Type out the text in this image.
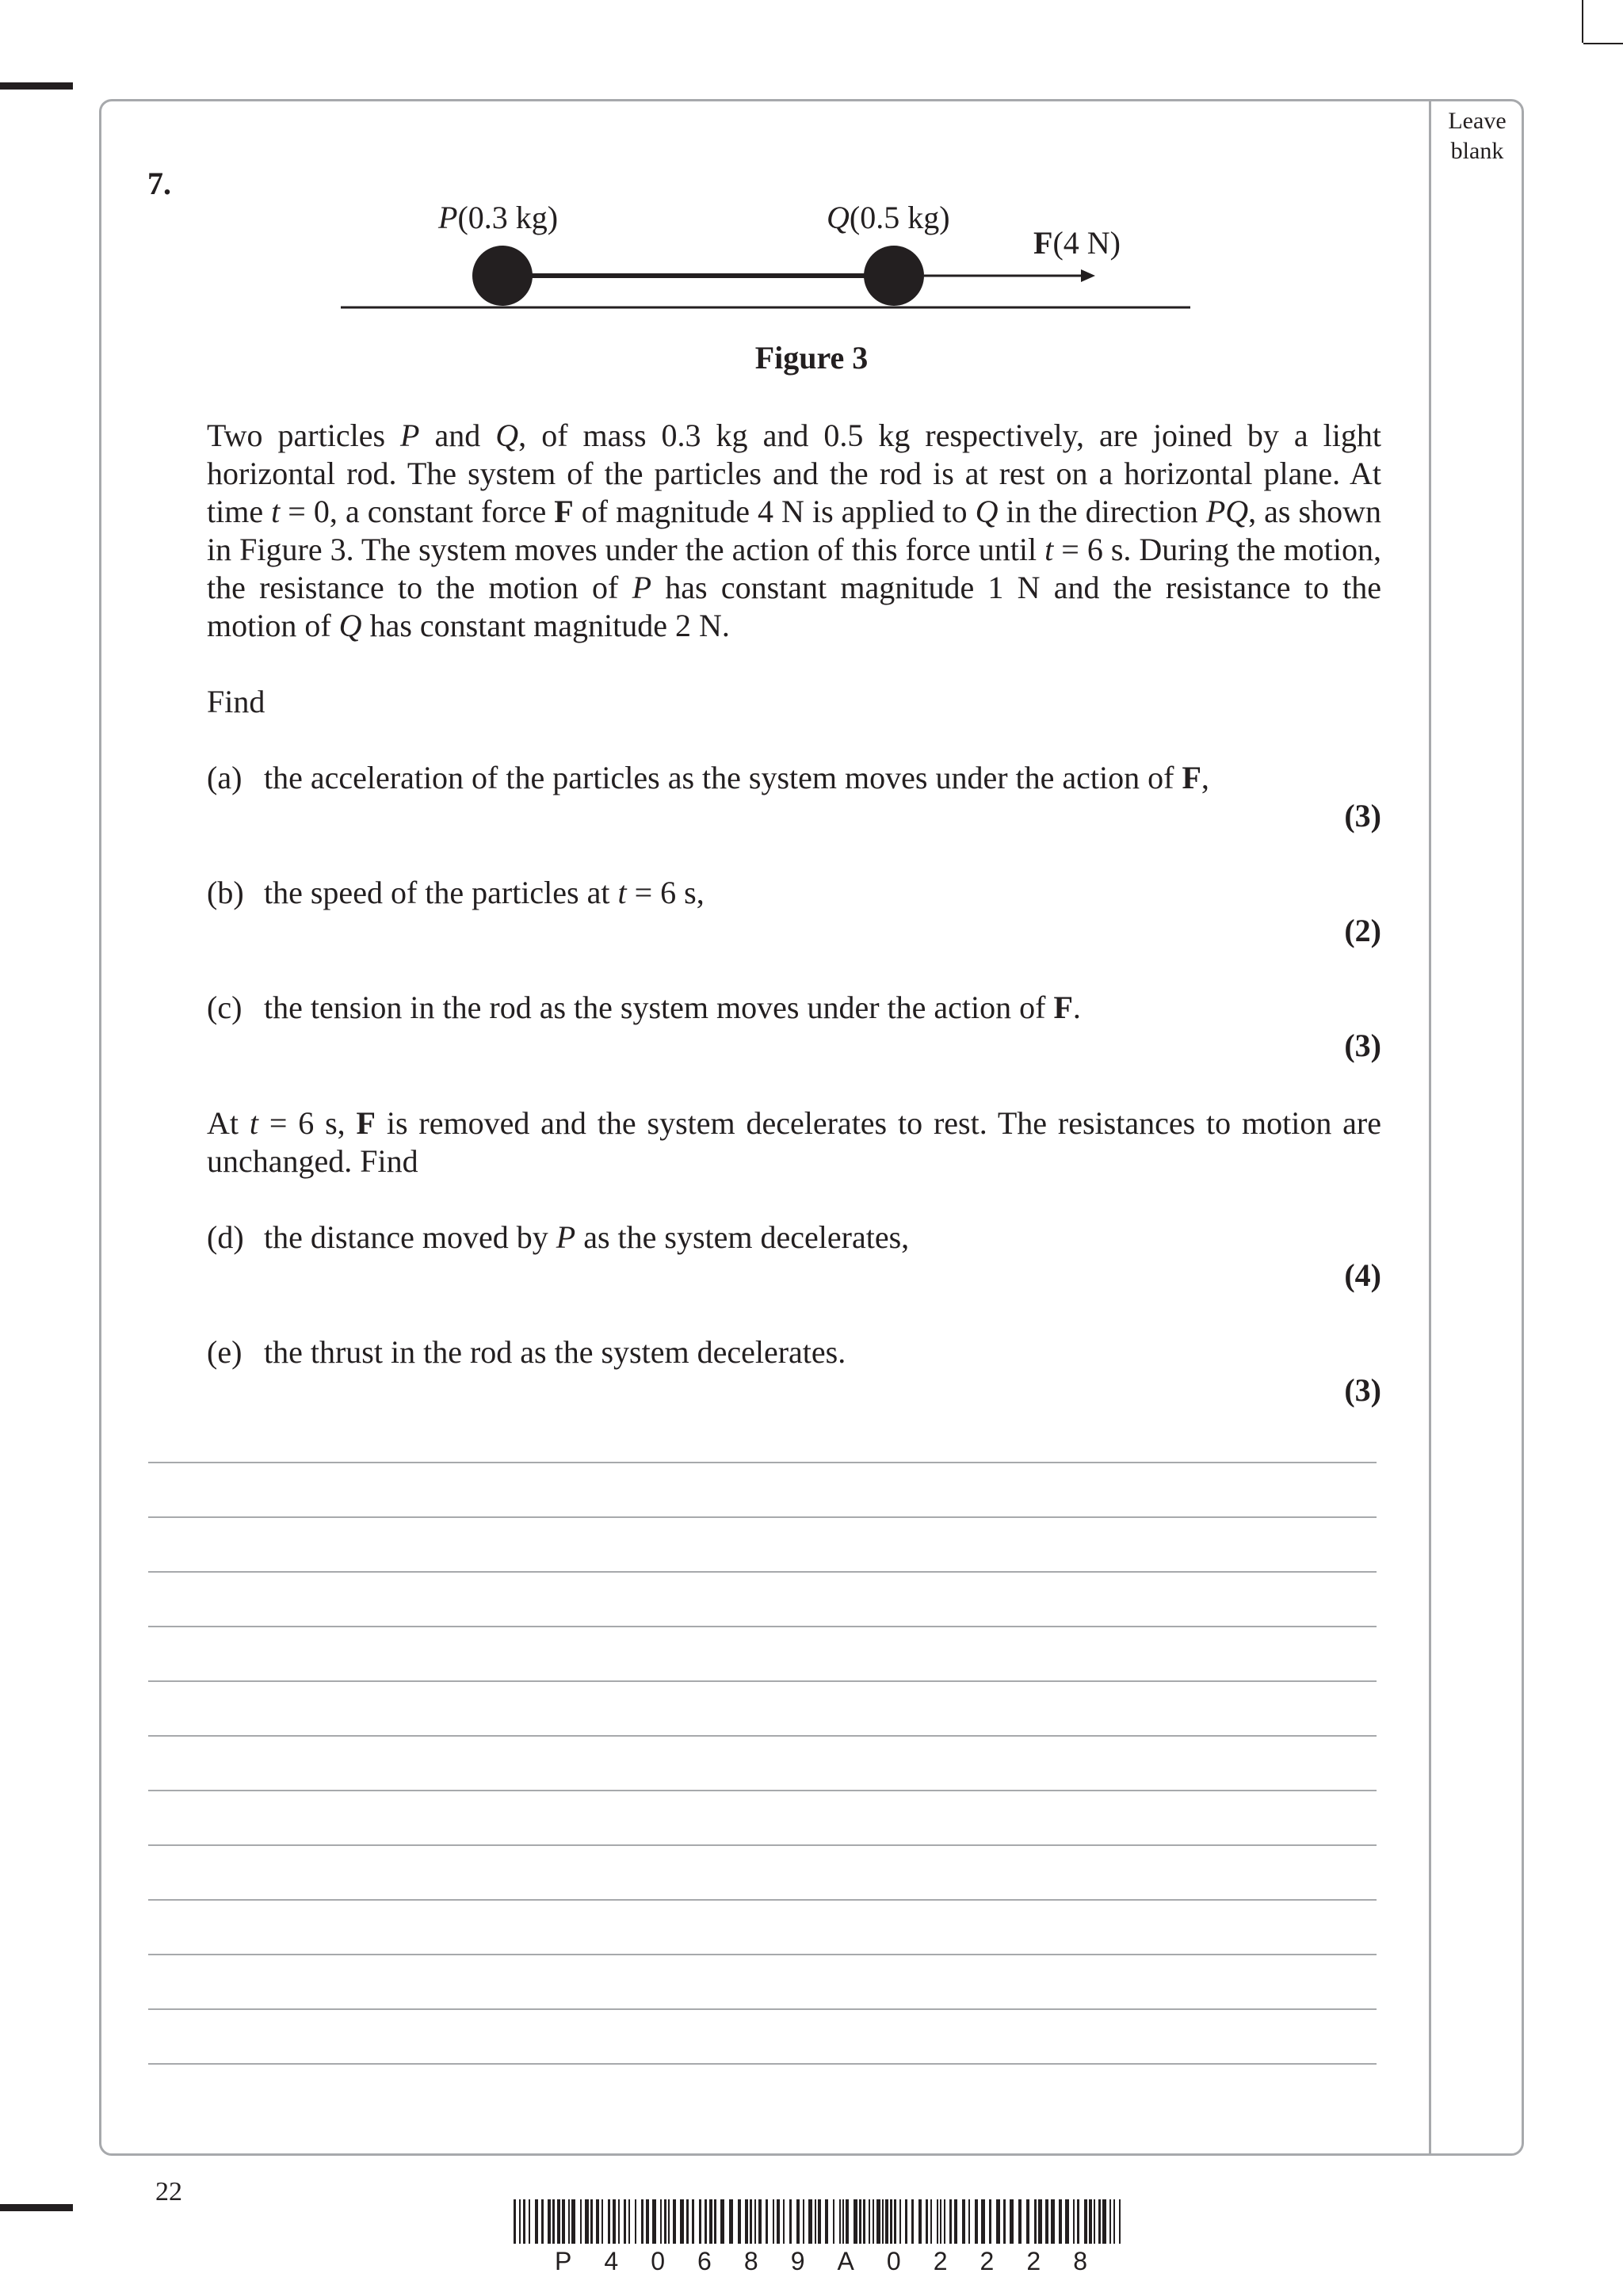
Leave
blank
7.
P(0.3 kg)	Q(0.5 kg)
F(4 N)
Figure 3

Two particles P and Q, of mass 0.3 kg and 0.5 kg respectively, are joined by a light horizontal rod. The system of the particles and the rod is at rest on a horizontal plane. At time t = 0, a constant force F of magnitude 4 N is applied to Q in the direction PQ, as shown in Figure 3. The system moves under the action of this force until t = 6 s. During the motion, the resistance to the motion of P has constant magnitude 1 N and the resistance to the motion of Q has constant magnitude 2 N.

Find
(a) the acceleration of the particles as the system moves under the action of F,
(3)
(b) the speed of the particles at t = 6 s,
(2)
(c) the tension in the rod as the system moves under the action of F.
(3)

At t = 6 s, F is removed and the system decelerates to rest. The resistances to motion are unchanged. Find

(d) the distance moved by P as the system decelerates,
(4)
(e) the thrust in the rod as the system decelerates.
(3)
22
P 4 0 6 8 9 A 0 2 2 2 8
